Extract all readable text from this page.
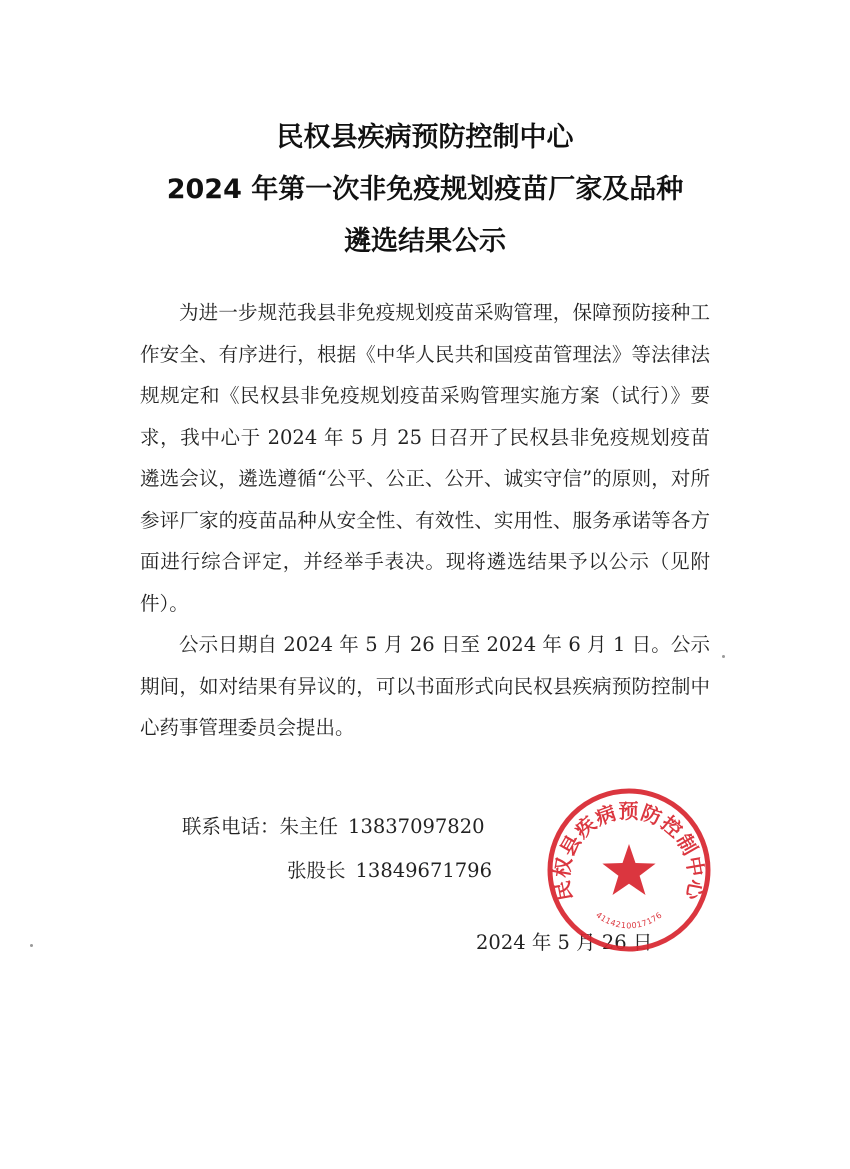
民权县疾病预防控制中心
2024 年第一次非免疫规划疫苗厂家及品种
遴选结果公示

为进一步规范我县非免疫规划疫苗采购管理，保障预防接种工作安全、有序进行，根据《中华人民共和国疫苗管理法》等法律法规规定和《民权县非免疫规划疫苗采购管理实施方案（试行）》要求，我中心于 2024 年 5 月 25 日召开了民权县非免疫规划疫苗遴选会议，遴选遵循“公平、公正、公开、诚实守信”的原则，对所参评厂家的疫苗品种从安全性、有效性、实用性、服务承诺等各方面进行综合评定，并经举手表决。现将遴选结果予以公示（见附件）。

公示日期自 2024 年 5 月 26 日至 2024 年 6 月 1 日。公示期间，如对结果有异议的，可以书面形式向民权县疾病预防控制中心药事管理委员会提出。

联系电话：朱主任 13837097820
张股长 13849671796
2024 年 5 月 26 日
民权县疾病预防控制中心
4114210017176
